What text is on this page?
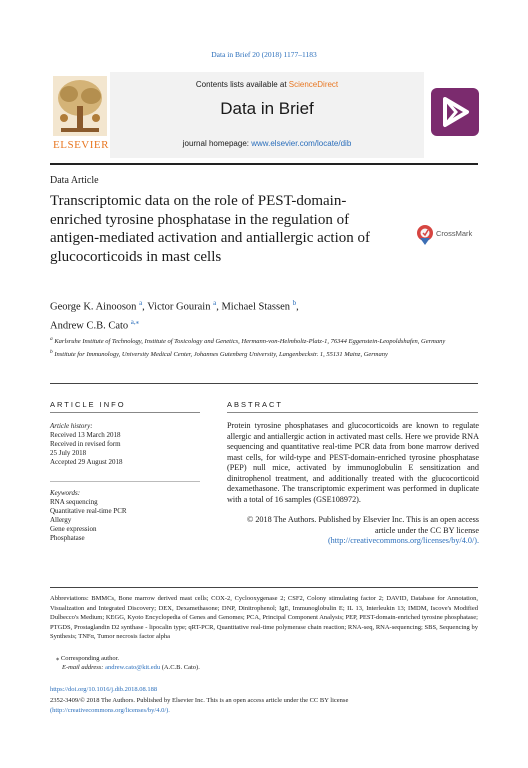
Data in Brief 20 (2018) 1177–1183
Contents lists available at ScienceDirect
Data in Brief
journal homepage: www.elsevier.com/locate/dib
ELSEVIER
Data Article
Transcriptomic data on the role of PEST-domain-enriched tyrosine phosphatase in the regulation of antigen-mediated activation and antiallergic action of glucocorticoids in mast cells
CrossMark
George K. Ainooson $^a$, Victor Gourain $^a$, Michael Stassen $^b$,
Andrew C.B. Cato $^{a,⁎}$
$^a$ Karlsruhe Institute of Technology, Institute of Toxicology and Genetics, Hermann-von-Helmholtz-Platz-1, 76344 Eggenstein-Leopoldshafen, Germany
$^b$ Institute for Immunology, University Medical Center, Johannes Gutenberg University, Langenbeckstr. 1, 55131 Mainz, Germany
ARTICLE INFO
Article history:
Received 13 March 2018
Received in revised form
25 July 2018
Accepted 29 August 2018
Keywords:
RNA sequencing
Quantitative real-time PCR
Allergy
Gene expression
Phosphatase
ABSTRACT
Protein tyrosine phosphatases and glucocorticoids are known to regulate allergic and antiallergic action in activated mast cells. Here we provide RNA sequencing and quantitative real-time PCR data from bone marrow derived mast cells, for wild-type and PEST-domain-enriched tyrosine phosphatase (PEP) null mice, activated by immunoglobulin E sensitization and dinitrophenol treatment, and additionally treated with the glucocorticoid dexamethasone. The transcriptomic experiment was performed in duplicate with a total of 16 samples (GSE108972).
© 2018 The Authors. Published by Elsevier Inc. This is an open access article under the CC BY license
(http://creativecommons.org/licenses/by/4.0/).
Abbreviations: BMMCs, Bone marrow derived mast cells; COX-2, Cyclooxygenase 2; CSF2, Colony stimulating factor 2; DAVID, Database for Annotation, Visualization and Integrated Discovery; DEX, Dexamethasone; DNP, Dinitrophenol; IgE, Immunoglobulin E; IL 13, Interleukin 13; IMDM, Iscove's Modified Dulbecco's Medium; KEGG, Kyoto Encyclopedia of Genes and Genomes; PCA, Principal Component Analysis; PEP, PEST-domain-enriched tyrosine phosphatase; PTGDS, Prostaglandin D2 synthase - lipocalin type; qRT-PCR, Quantitative real-time polymerase chain reaction; RNA-seq, RNA-sequencing; SBS, Sequencing by Synthesis; TNFα, Tumor necrosis factor alpha
⁎ Corresponding author.
E-mail address: andrew.cato@kit.edu (A.C.B. Cato).
https://doi.org/10.1016/j.dib.2018.08.188
2352-3409/© 2018 The Authors. Published by Elsevier Inc. This is an open access article under the CC BY license
(http://creativecommons.org/licenses/by/4.0/).
